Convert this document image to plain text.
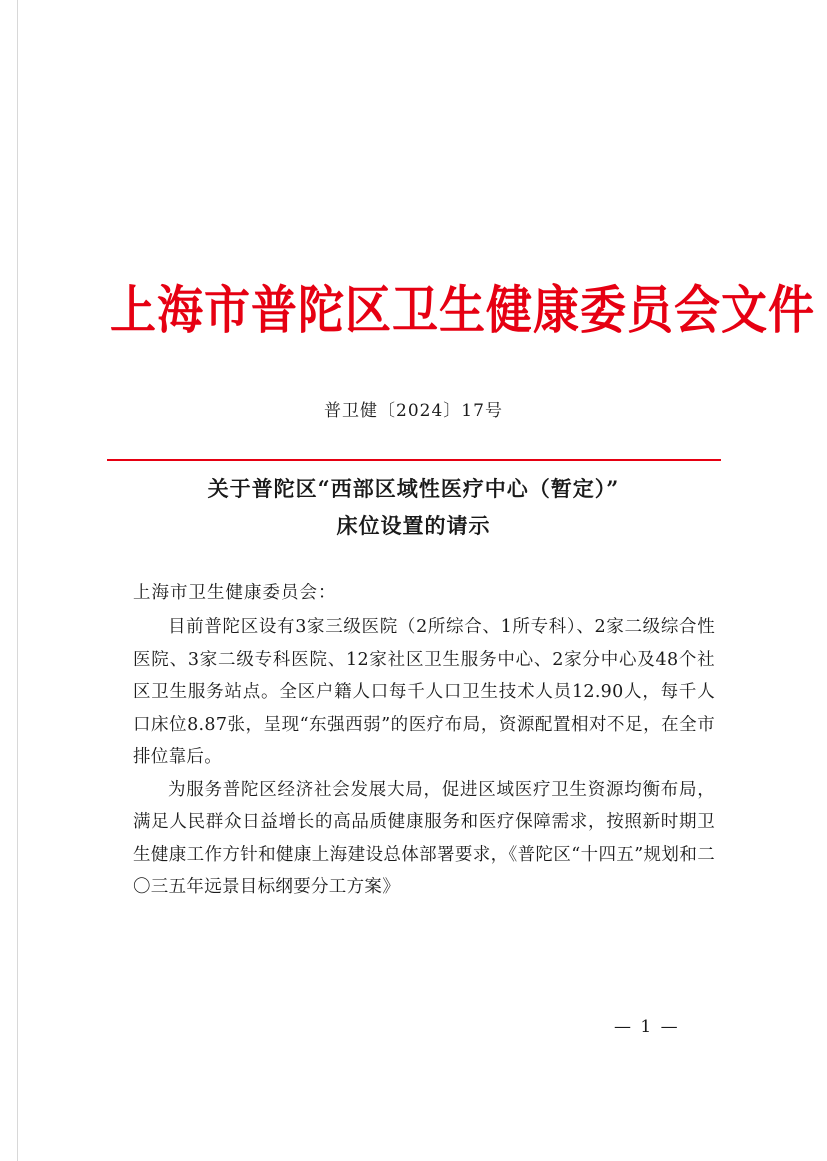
上海市普陀区卫生健康委员会文件
普卫健〔2024〕17号
关于普陀区“西部区域性医疗中心（暂定）”
床位设置的请示
上海市卫生健康委员会：

目前普陀区设有3家三级医院（2所综合、1所专科）、2家二级综合性医院、3家二级专科医院、12家社区卫生服务中心、2家分中心及48个社区卫生服务站点。全区户籍人口每千人口卫生技术人员12.90人，每千人口床位8.87张，呈现“东强西弱”的医疗布局，资源配置相对不足，在全市排位靠后。

为服务普陀区经济社会发展大局，促进区域医疗卫生资源均衡布局，满足人民群众日益增长的高品质健康服务和医疗保障需求，按照新时期卫生健康工作方针和健康上海建设总体部署要求，《普陀区“十四五”规划和二〇三五年远景目标纲要分工方案》

— 1 —
